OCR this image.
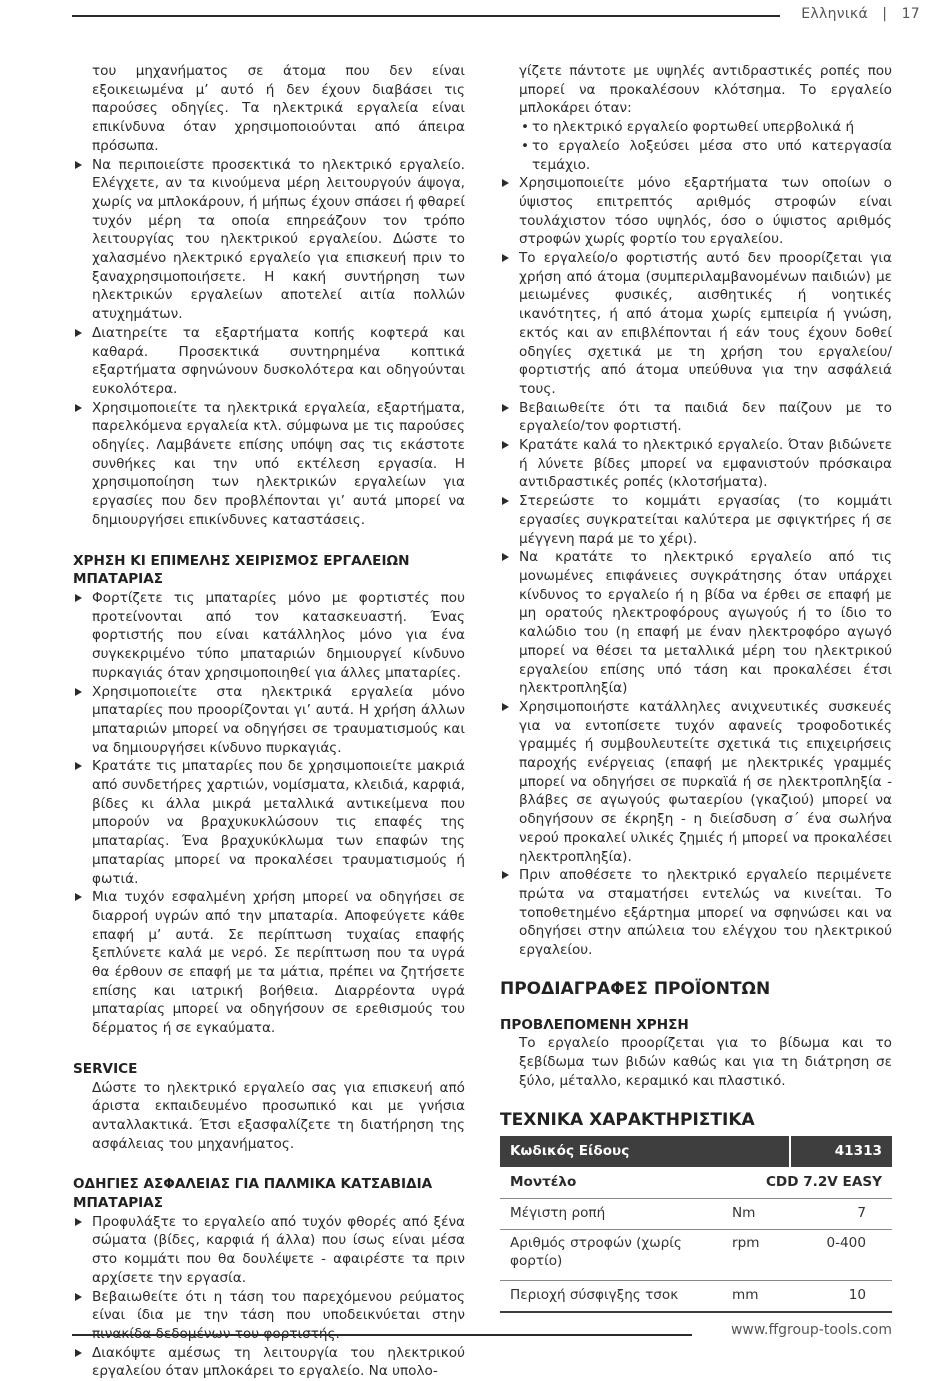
Ελληνικά   |   17

του μηχανήματος σε άτομα που δεν είναι εξοικειωμένα μ’ αυτό ή δεν έχουν διαβάσει τις παρούσες οδηγίες. Τα ηλεκτρικά εργαλεία είναι επικίνδυνα όταν χρησιμοποιούνται από άπειρα πρόσωπα.

Να περιποιείστε προσεκτικά το ηλεκτρικό εργαλείο. Ελέγχετε, αν τα κινούμενα μέρη λειτουργούν άψογα, χωρίς να μπλοκάρουν, ή μήπως έχουν σπάσει ή φθαρεί τυχόν μέρη τα οποία επηρεάζουν τον τρόπο λειτουργίας του ηλεκτρικού εργαλείου. Δώστε το χαλασμένο ηλεκτρικό εργαλείο για επισκευή πριν το ξαναχρησιμοποιήσετε. Η κακή συντήρηση των ηλεκτρικών εργαλείων αποτελεί αιτία πολλών ατυχημάτων.

Διατηρείτε τα εξαρτήματα κοπής κοφτερά και καθαρά. Προσεκτικά συντηρημένα κοπτικά εξαρτήματα σφηνώνουν δυσκολότερα και οδηγούνται ευκολότερα.

Χρησιμοποιείτε τα ηλεκτρικά εργαλεία, εξαρτήματα, παρελκόμενα εργαλεία κτλ. σύμφωνα με τις παρούσες οδηγίες. Λαμβάνετε επίσης υπόψη σας τις εκάστοτε συνθήκες και την υπό εκτέλεση εργασία. Η χρησιμοποίηση των ηλεκτρικών εργαλείων για εργασίες που δεν προβλέπονται γι’ αυτά μπορεί να δημιουργήσει επικίνδυνες καταστάσεις.

ΧΡΗΣΗ ΚΙ ΕΠΙΜΕΛΗΣ ΧΕΙΡΙΣΜΟΣ ΕΡΓΑΛΕΙΩΝ ΜΠΑΤΑΡΙΑΣ

Φορτίζετε τις μπαταρίες μόνο με φορτιστές που προτείνονται από τον κατασκευαστή. Ένας φορτιστής που είναι κατάλληλος μόνο για ένα συγκεκριμένο τύπο μπαταριών δημιουργεί κίνδυνο πυρκαγιάς όταν χρησιμοποιηθεί για άλλες μπαταρίες.

Χρησιμοποιείτε στα ηλεκτρικά εργαλεία μόνο μπαταρίες που προορίζονται γι’ αυτά. Η χρήση άλλων μπαταριών μπορεί να οδηγήσει σε τραυματισμούς και να δημιουργήσει κίνδυνο πυρκαγιάς.

Κρατάτε τις μπαταρίες που δε χρησιμοποιείτε μακριά από συνδετήρες χαρτιών, νομίσματα, κλειδιά, καρφιά, βίδες κι άλλα μικρά μεταλλικά αντικείμενα που μπορούν να βραχυκυκλώσουν τις επαφές της μπαταρίας. Ένα βραχυκύκλωμα των επαφών της μπαταρίας μπορεί να προκαλέσει τραυματισμούς ή φωτιά.

Μια τυχόν εσφαλμένη χρήση μπορεί να οδηγήσει σε διαρροή υγρών από την μπαταρία. Αποφεύγετε κάθε επαφή μ’ αυτά. Σε περίπτωση τυχαίας επαφής ξεπλύνετε καλά με νερό. Σε περίπτωση που τα υγρά θα έρθουν σε επαφή με τα μάτια, πρέπει να ζητήσετε επίσης και ιατρική βοήθεια. Διαρρέοντα υγρά μπαταρίας μπορεί να οδηγήσουν σε ερεθισμούς του δέρματος ή σε εγκαύματα.

SERVICE

Δώστε το ηλεκτρικό εργαλείο σας για επισκευή από άριστα εκπαιδευμένο προσωπικό και με γνήσια ανταλλακτικά. Έτσι εξασφαλίζετε τη διατήρηση της ασφάλειας του μηχανήματος.

ΟΔΗΓΙΕΣ ΑΣΦΑΛΕΙΑΣ ΓΙΑ ΠΑΛΜΙΚΑ ΚΑΤΣΑΒΙΔΙΑ ΜΠΑΤΑΡΙΑΣ

Προφυλάξτε το εργαλείο από τυχόν φθορές από ξένα σώματα (βίδες, καρφιά ή άλλα) που ίσως είναι μέσα στο κομμάτι που θα δουλέψετε - αφαιρέστε τα πριν αρχίσετε την εργασία.

Βεβαιωθείτε ότι η τάση του παρεχόμενου ρεύματος είναι ίδια με την τάση που υποδεικνύεται στην πινακίδα δεδομένων του φορτιστής.

Διακόψτε αμέσως τη λειτουργία του ηλεκτρικού εργαλείου όταν μπλοκάρει το εργαλείο. Να υπολο-

γίζετε πάντοτε με υψηλές αντιδραστικές ροπές που μπορεί να προκαλέσουν κλότσημα. Το εργαλείο μπλοκάρει όταν:

• το ηλεκτρικό εργαλείο φορτωθεί υπερβολικά ή

• το εργαλείο λοξεύσει μέσα στο υπό κατεργασία τεμάχιο.

Χρησιμοποιείτε μόνο εξαρτήματα των οποίων ο ύψιστος επιτρεπτός αριθμός στροφών είναι τουλάχιστον τόσο υψηλός, όσο ο ύψιστος αριθμός στροφών χωρίς φορτίο του εργαλείου.

Το εργαλείο/ο φορτιστής αυτό δεν προορίζεται για χρήση από άτομα (συμπεριλαμβανομένων παιδιών) με μειωμένες φυσικές, αισθητικές ή νοητικές ικανότητες, ή από άτομα χωρίς εμπειρία ή γνώση, εκτός και αν επιβλέπονται ή εάν τους έχουν δοθεί οδηγίες σχετικά με τη χρήση του εργαλείου/φορτιστής από άτομα υπεύθυνα για την ασφάλειά τους.

Βεβαιωθείτε ότι τα παιδιά δεν παίζουν με το εργαλείο/τον φορτιστή.

Κρατάτε καλά το ηλεκτρικό εργαλείο. Όταν βιδώνετε ή λύνετε βίδες μπορεί να εμφανιστούν πρόσκαιρα αντιδραστικές ροπές (κλοτσήματα).

Στερεώστε το κομμάτι εργασίας (το κομμάτι εργασίες συγκρατείται καλύτερα με σφιγκτήρες ή σε μέγγενη παρά με το χέρι).

Να κρατάτε το ηλεκτρικό εργαλείο από τις μονωμένες επιφάνειες συγκράτησης όταν υπάρχει κίνδυνος το εργαλείο ή η βίδα να έρθει σε επαφή με μη ορατούς ηλεκτροφόρους αγωγούς ή το ίδιο το καλώδιο του (η επαφή με έναν ηλεκτροφόρο αγωγό μπορεί να θέσει τα μεταλλικά μέρη του ηλεκτρικού εργαλείου επίσης υπό τάση και προκαλέσει έτσι ηλεκτροπληξία)

Χρησιμοποιήστε κατάλληλες ανιχνευτικές συσκευές για να εντοπίσετε τυχόν αφανείς τροφοδοτικές γραμμές ή συμβουλευτείτε σχετικά τις επιχειρήσεις παροχής ενέργειας (επαφή με ηλεκτρικές γραμμές μπορεί να οδηγήσει σε πυρκαϊά ή σε ηλεκτροπληξία - βλάβες σε αγωγούς φωταερίου (γκαζιού) μπορεί να οδηγήσουν σε έκρηξη - η διείσδυση σ΄ ένα σωλήνα νερού προκαλεί υλικές ζημιές ή μπορεί να προκαλέσει ηλεκτροπληξία).

Πριν αποθέσετε το ηλεκτρικό εργαλείο περιμένετε πρώτα να σταματήσει εντελώς να κινείται. Το τοποθετημένο εξάρτημα μπορεί να σφηνώσει και να οδηγήσει στην απώλεια του ελέγχου του ηλεκτρικού εργαλείου.

ΠΡΟΔΙΑΓΡΑΦΕΣ ΠΡΟΪΟΝΤΩΝ

ΠΡΟΒΛΕΠΟΜΕΝΗ ΧΡΗΣΗ

Το εργαλείο προορίζεται για το βίδωμα και το ξεβίδωμα των βιδών καθώς και για τη διάτρηση σε ξύλο, μέταλλο, κεραμικό και πλαστικό.

ΤΕΧΝΙΚΑ ΧΑΡΑΚΤΗΡΙΣΤΙΚΑ

Κωδικός Είδους		41313
Μοντέλο	CDD 7.2V EASY	
Μέγιστη ροπή	Nm	7
Αριθμός στροφών (χωρίς φορτίο)	rpm	0-400
Περιοχή σύσφιγξης τσοκ	mm	10
www.ffgroup-tools.com
